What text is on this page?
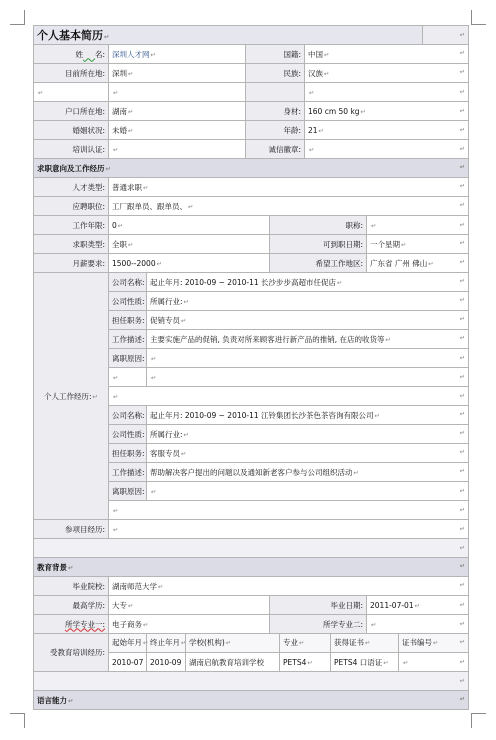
个人基本简历↵											↵

姓 名:	深圳人才网↵			国籍:			中国↵ ↵				

目前所在地:	深圳↵			民族:			汉族↵ ↵				

↵	↵						↵ ↵				

户口所在地:	湖南↵			身材:			160 cm 50 kg↵ ↵				

婚姻状况:	未婚↵			年龄:			21↵ ↵				

培训认证:	↵			诚信徽章:			↵ ↵				

求职意向及工作经历↵ ↵											

人才类型:	普通求职↵ ↵										

应聘职位:	工厂跟单员、跟单员、↵ ↵										

工作年限:	0↵				职称:				↵ ↵		

求职类型:	全职↵				可到职日期:				一个星期↵ ↵		

月薪要求:	1500--2000↵				希望工作地区:				广东省 广州 佛山↵ ↵		

个人工作经历:↵	公司名称:	起止年月: 2010-09 ~ 2010-11 长沙步步高超市任促店↵ ↵									

	公司性质:	所属行业:↵ ↵									

	担任职务:	促销专员↵ ↵									

	工作描述:	主要实施产品的促销, 负责对所来顾客进行新产品的推销, 在店的收货等↵ ↵									

	离职原因:	↵ ↵									

	↵	↵ ↵									

	↵ ↵										

	公司名称:	起止年月: 2010-09 ~ 2010-11 江铃集团长沙茶色茶咨询有限公司↵ ↵									

	公司性质:	所属行业:↵ ↵									

	担任职务:	客服专员↵ ↵									

	工作描述:	帮助解决客户提出的问题以及通知新老客户参与公司组织活动↵ ↵									

	离职原因:	↵ ↵									

	↵ ↵										

参项目经历:	↵ ↵										

↵											

教育背景↵ ↵											

毕业院校:	湖南师范大学↵ ↵										

最高学历:	大专↵				毕业日期:				2011-07-01↵ ↵		

所学专业一:	电子商务↵				所学专业二:				↵ ↵		

受教育培训经历:	起始年月↵	终止年月↵	学校(机构)↵			专业↵		获得证书↵		证书编号↵ ↵	

	2010-07	2010-09	湖南启航教育培训学校			PETS4↵		PETS4 口语证↵		↵ ↵	

↵											

语言能力↵ ↵											
